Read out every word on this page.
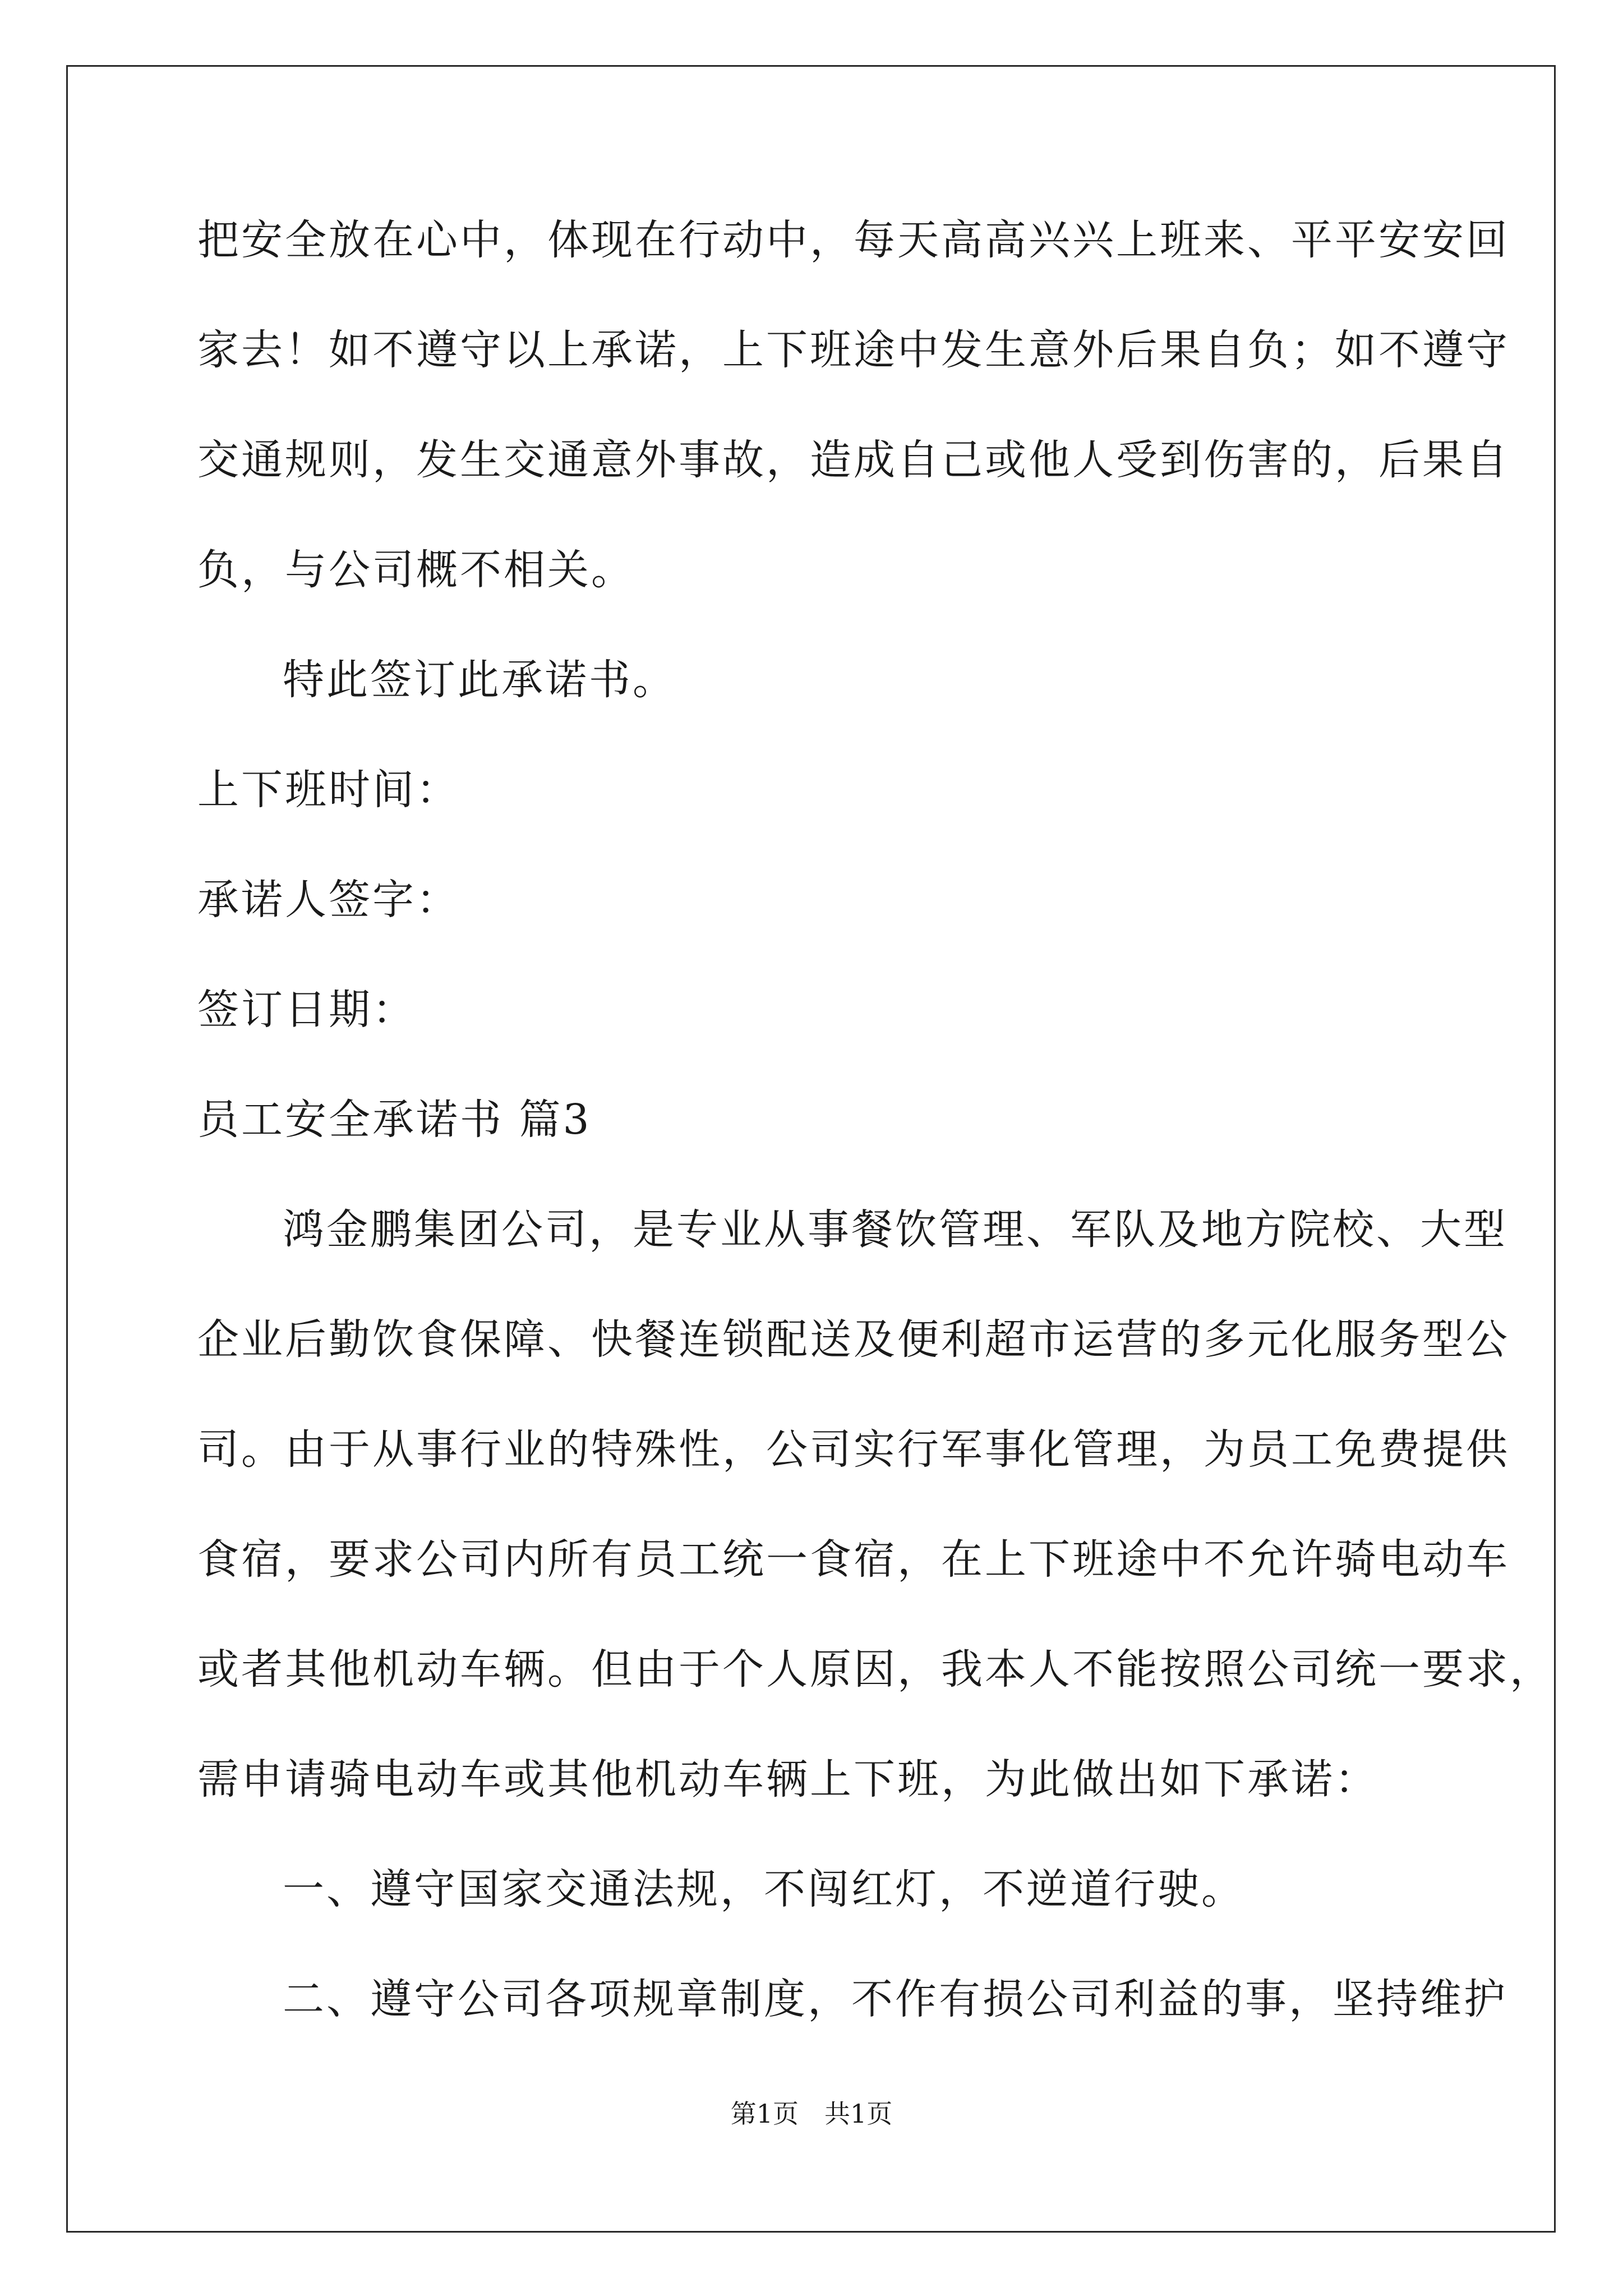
把安全放在心中，体现在行动中，每天高高兴兴上班来、平平安安回
家去！如不遵守以上承诺，上下班途中发生意外后果自负；如不遵守
交通规则，发生交通意外事故，造成自己或他人受到伤害的，后果自
负，与公司概不相关。
特此签订此承诺书。
上下班时间：
承诺人签字：
签订日期：
员工安全承诺书 篇3
鸿金鹏集团公司，是专业从事餐饮管理、军队及地方院校、大型
企业后勤饮食保障、快餐连锁配送及便利超市运营的多元化服务型公
司。由于从事行业的特殊性，公司实行军事化管理，为员工免费提供
食宿，要求公司内所有员工统一食宿，在上下班途中不允许骑电动车
或者其他机动车辆。但由于个人原因，我本人不能按照公司统一要求，
需申请骑电动车或其他机动车辆上下班，为此做出如下承诺：
一、遵守国家交通法规，不闯红灯，不逆道行驶。
二、遵守公司各项规章制度，不作有损公司利益的事，坚持维护
第1页　共1页
